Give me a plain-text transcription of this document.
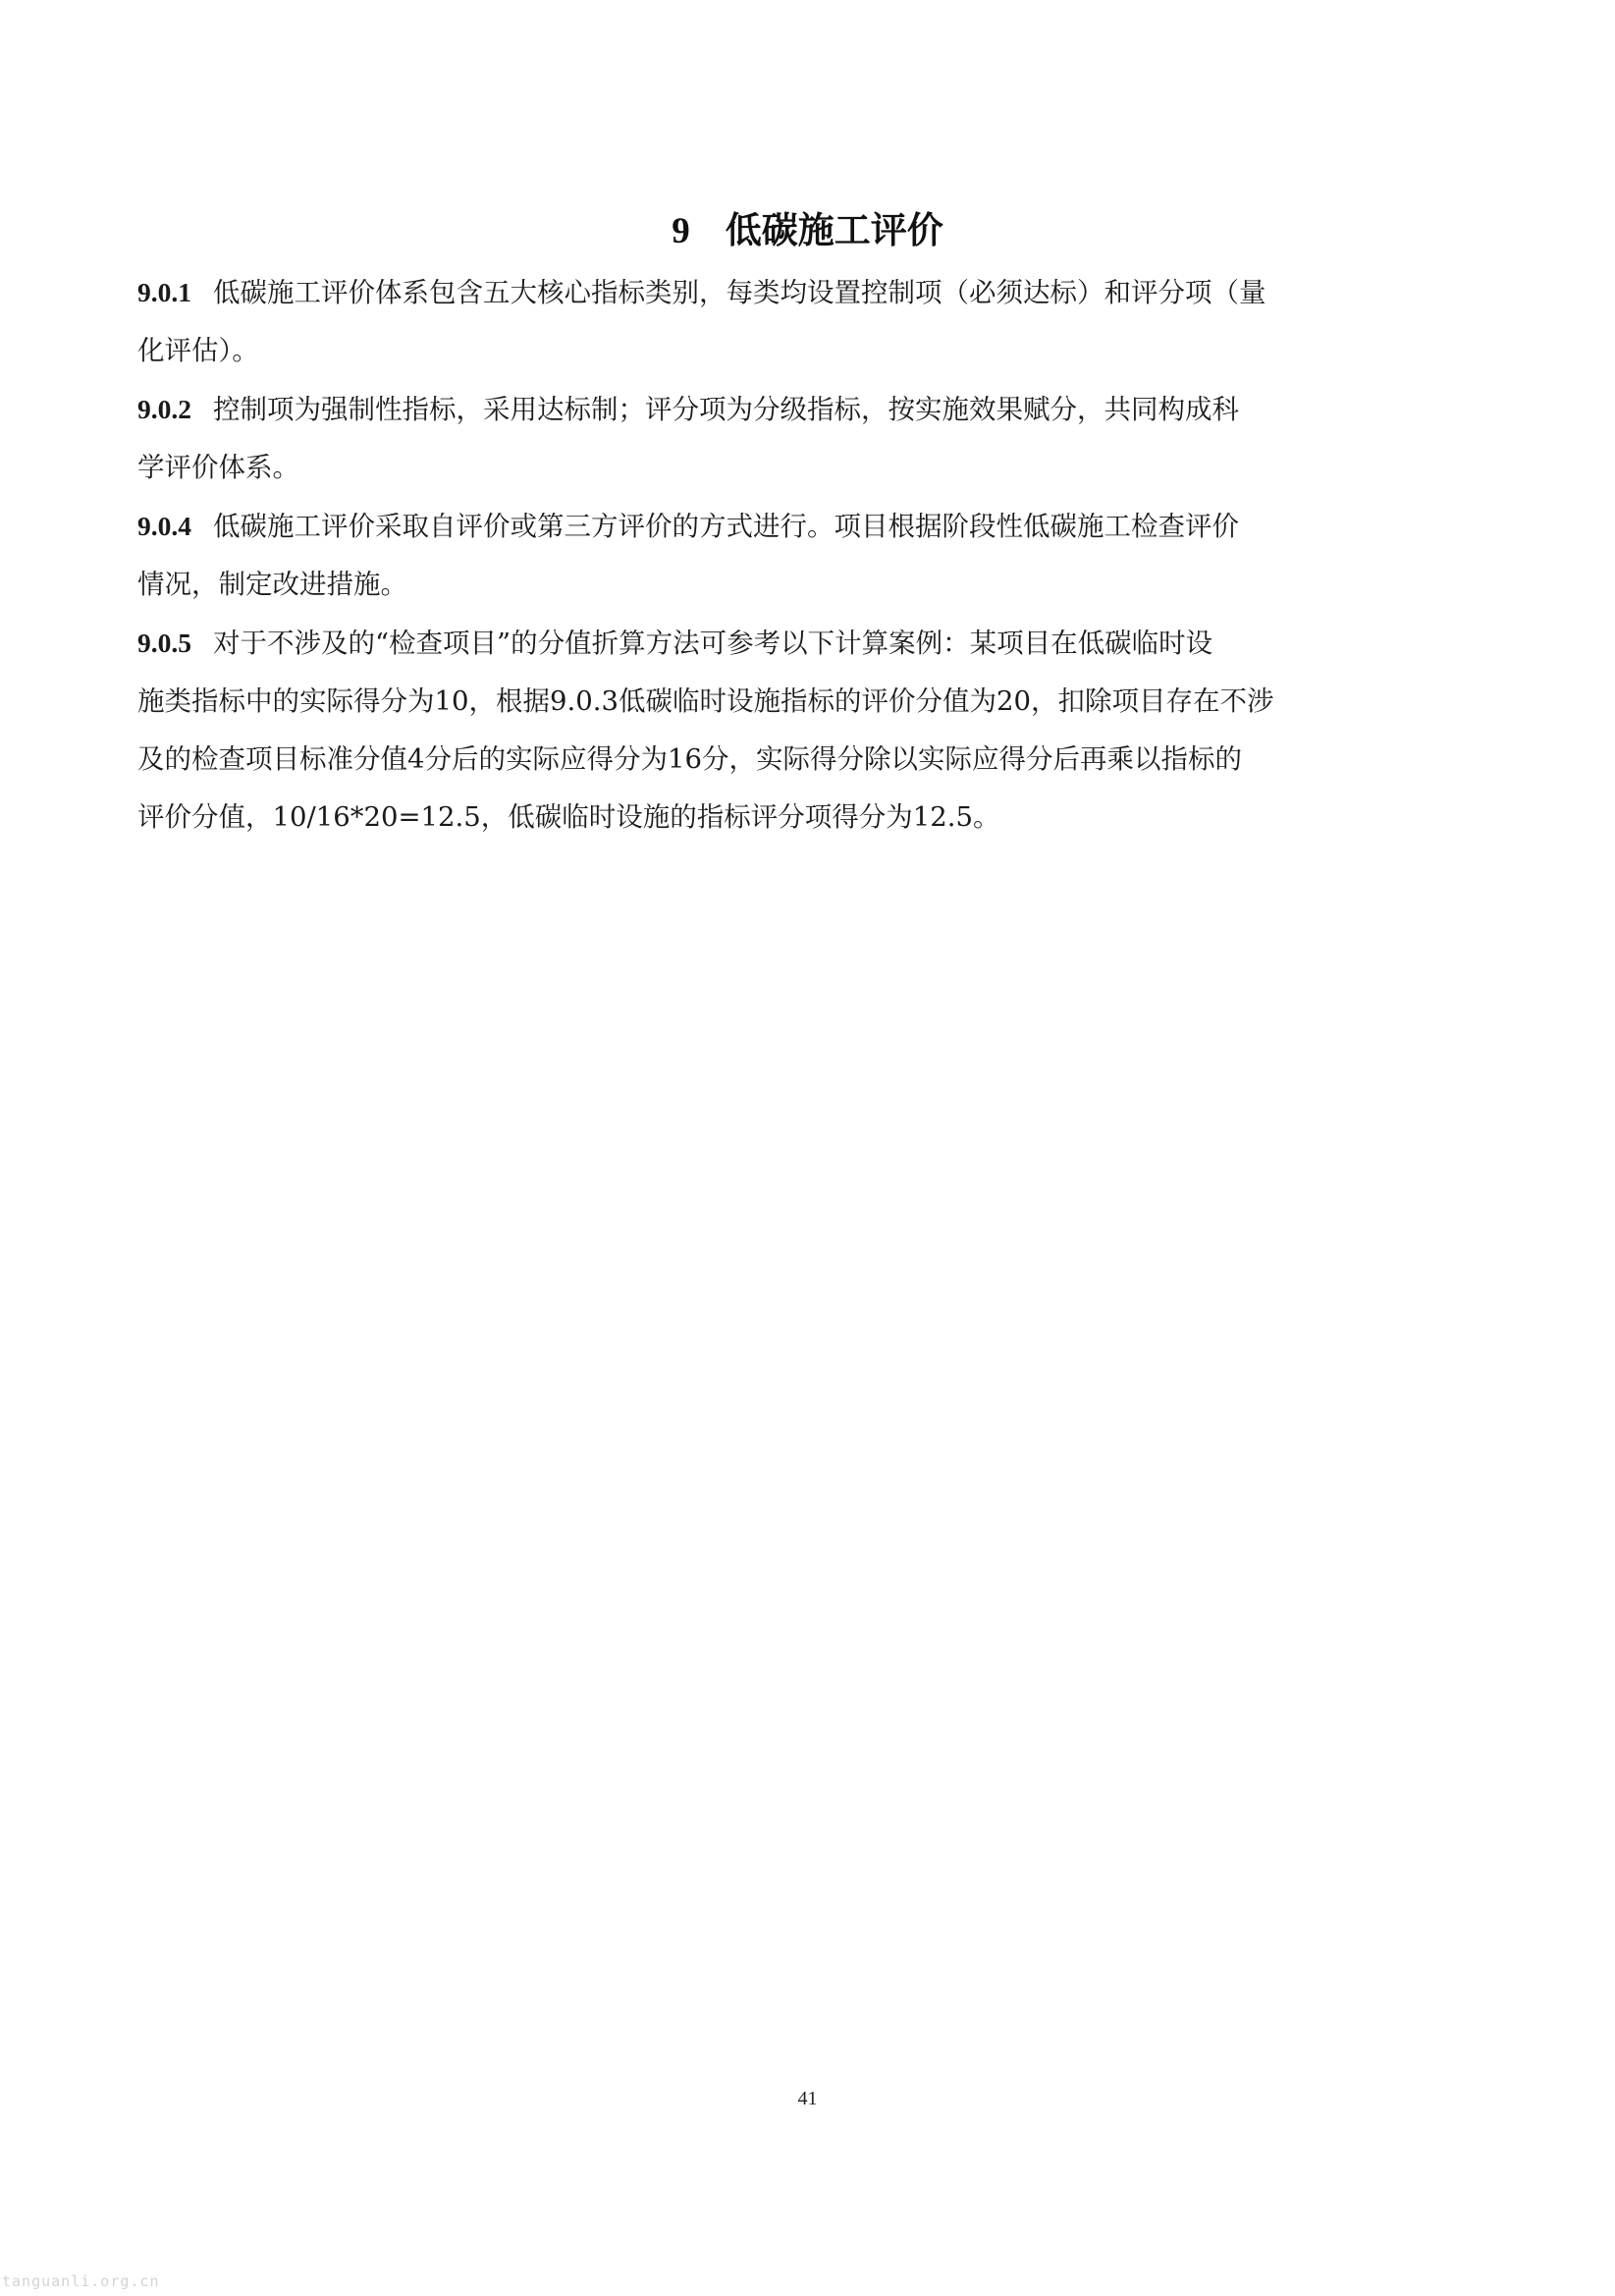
9 低碳施工评价

9.0.1 低碳施工评价体系包含五大核心指标类别，每类均设置控制项（必须达标）和评分项（量
化评估）。

9.0.2 控制项为强制性指标，采用达标制；评分项为分级指标，按实施效果赋分，共同构成科
学评价体系。

9.0.4 低碳施工评价采取自评价或第三方评价的方式进行。项目根据阶段性低碳施工检查评价
情况，制定改进措施。

9.0.5 对于不涉及的“检查项目”的分值折算方法可参考以下计算案例：某项目在低碳临时设
施类指标中的实际得分为10，根据9.0.3低碳临时设施指标的评价分值为20，扣除项目存在不涉
及的检查项目标准分值4分后的实际应得分为16分，实际得分除以实际应得分后再乘以指标的
评价分值，10/16*20=12.5，低碳临时设施的指标评分项得分为12.5。

41
tanguanli.org.cn
